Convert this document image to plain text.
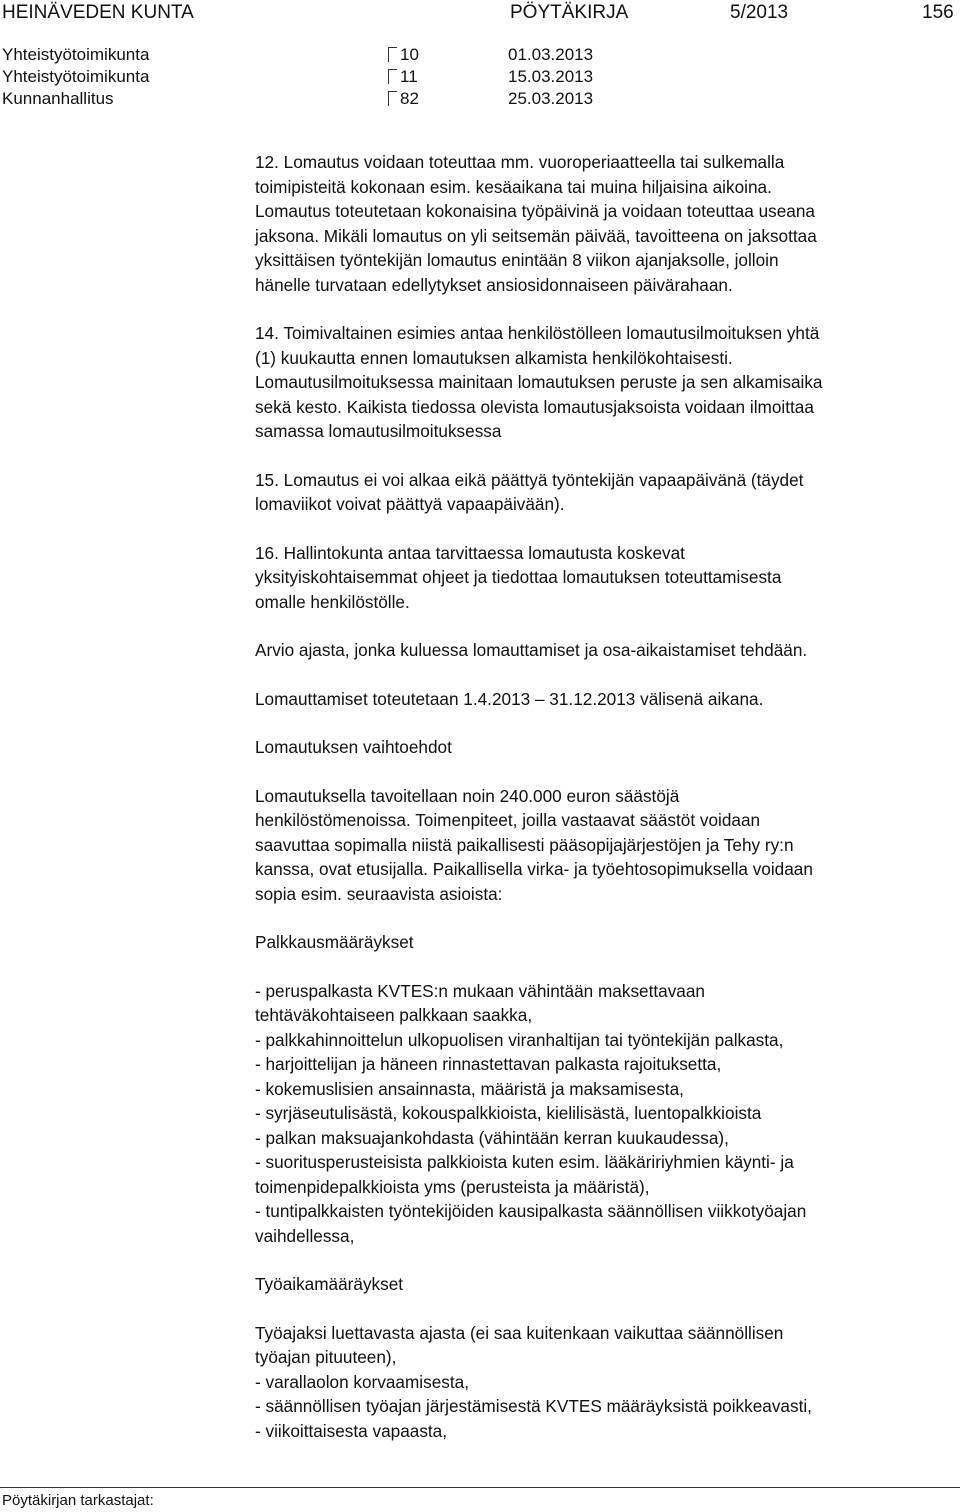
HEINÄVEDEN KUNTA	PÖYTÄKIRJA	5/2013	156
Yhteistyötoimikunta	10	01.03.2013
Yhteistyötoimikunta	11	15.03.2013
Kunnanhallitus	82	25.03.2013

12. Lomautus voidaan toteuttaa mm. vuoroperiaatteella tai sulkemalla

toimipisteitä kokonaan esim. kesäaikana tai muina hiljaisina aikoina.

Lomautus toteutetaan kokonaisina työpäivinä ja voidaan toteuttaa useana

jaksona. Mikäli lomautus on yli seitsemän päivää, tavoitteena on jaksottaa

yksittäisen työntekijän lomautus enintään 8 viikon ajanjaksolle, jolloin

hänelle turvataan edellytykset ansiosidonnaiseen päivärahaan.

14. Toimivaltainen esimies antaa henkilöstölleen lomautusilmoituksen yhtä

(1) kuukautta ennen lomautuksen alkamista henkilökohtaisesti.

Lomautusilmoituksessa mainitaan lomautuksen peruste ja sen alkamisaika

sekä kesto. Kaikista tiedossa olevista lomautusjaksoista voidaan ilmoittaa

samassa lomautusilmoituksessa

15. Lomautus ei voi alkaa eikä päättyä työntekijän vapaapäivänä (täydet

lomaviikot voivat päättyä vapaapäivään).

16. Hallintokunta antaa tarvittaessa lomautusta koskevat

yksityiskohtaisemmat ohjeet ja tiedottaa lomautuksen toteuttamisesta

omalle henkilöstölle.

Arvio ajasta, jonka kuluessa lomauttamiset ja osa-aikaistamiset tehdään.

Lomauttamiset toteutetaan 1.4.2013 – 31.12.2013 välisenä aikana.

Lomautuksen vaihtoehdot

Lomautuksella tavoitellaan noin 240.000 euron säästöjä

henkilöstömenoissa. Toimenpiteet, joilla vastaavat säästöt voidaan

saavuttaa sopimalla niistä paikallisesti pääsopijajärjestöjen ja Tehy ry:n

kanssa, ovat etusijalla. Paikallisella virka- ja työehtosopimuksella voidaan

sopia esim. seuraavista asioista:

Palkkausmääräykset

- peruspalkasta KVTES:n mukaan vähintään maksettavaan

tehtäväkohtaiseen palkkaan saakka,

- palkkahinnoittelun ulkopuolisen viranhaltijan tai työntekijän palkasta,

- harjoittelijan ja häneen rinnastettavan palkasta rajoituksetta,

- kokemuslisien ansainnasta, määristä ja maksamisesta,

- syrjäseutulisästä, kokouspalkkioista, kielilisästä, luentopalkkioista

- palkan maksuajankohdasta (vähintään kerran kuukaudessa),

- suoritusperusteisista palkkioista kuten esim. lääkäririyhmien käynti- ja

toimenpidepalkkioista yms (perusteista ja määristä),

- tuntipalkkaisten työntekijöiden kausipalkasta säännöllisen viikkotyöajan

vaihdellessa,

Työaikamääräykset

Työajaksi luettavasta ajasta (ei saa kuitenkaan vaikuttaa säännöllisen

työajan pituuteen),

- varallaolon korvaamisesta,

- säännöllisen työajan järjestämisestä KVTES määräyksistä poikkeavasti,

- viikoittaisesta vapaasta,

Pöytäkirjan tarkastajat:
